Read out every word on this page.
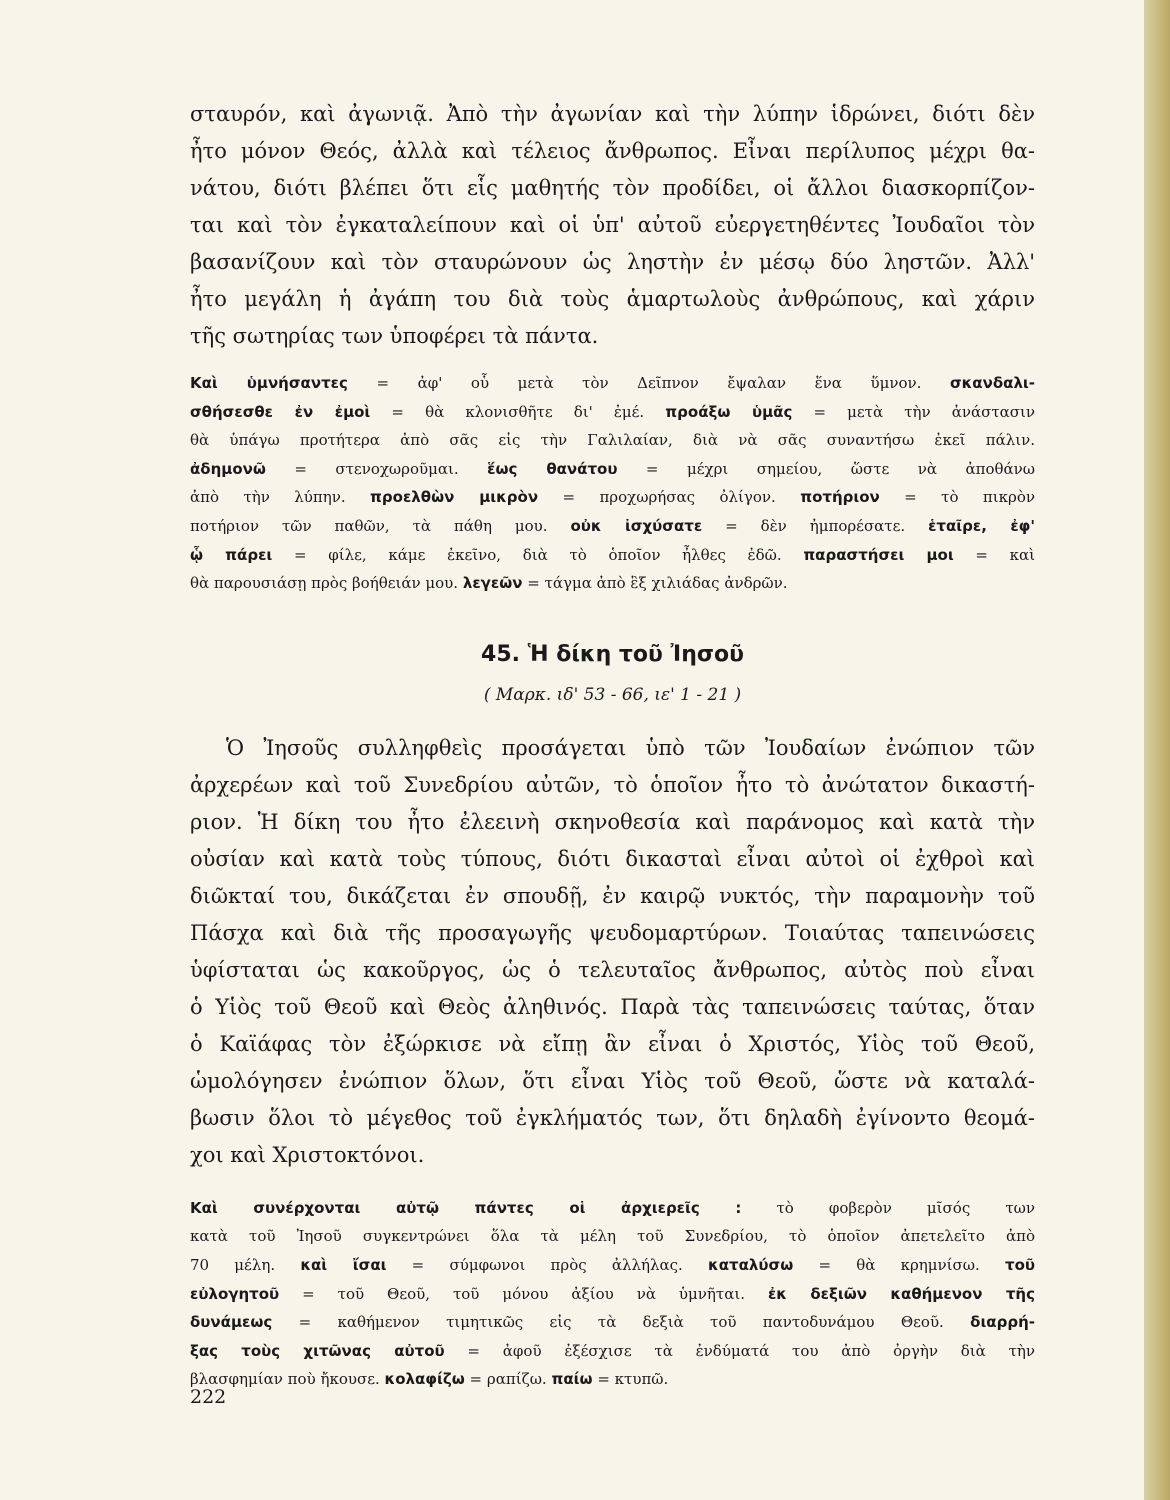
σταυρόν, καὶ ἀγωνιᾷ. Ἀπὸ τὴν ἀγωνίαν καὶ τὴν λύπην ἱδρώνει, διότι δὲν
ἦτο μόνον Θεός, ἀλλὰ καὶ τέλειος ἄνθρωπος. Εἶναι περίλυπος μέχρι θα-
νάτου, διότι βλέπει ὅτι εἷς μαθητής τὸν προδίδει, οἱ ἄλλοι διασκορπίζον-
ται καὶ τὸν ἐγκαταλείπουν καὶ οἱ ὑπ' αὐτοῦ εὐεργετηθέντες Ἰουδαῖοι τὸν
βασανίζουν καὶ τὸν σταυρώνουν ὡς ληστὴν ἐν μέσῳ δύο ληστῶν. Ἀλλ'
ἦτο μεγάλη ἡ ἀγάπη του διὰ τοὺς ἁμαρτωλοὺς ἀνθρώπους, καὶ χάριν
τῆς σωτηρίας των ὑποφέρει τὰ πάντα.
Καὶ ὑμνήσαντες = ἀφ' οὗ μετὰ τὸν Δεῖπνον ἔψαλαν ἕνα ὕμνον. σκανδαλι-
σθήσεσθε ἐν ἐμοὶ = θὰ κλονισθῆτε δι' ἐμέ. προάξω ὑμᾶς = μετὰ τὴν ἀνάστασιν
θὰ ὑπάγω προτήτερα ἀπὸ σᾶς εἰς τὴν Γαλιλαίαν, διὰ νὰ σᾶς συναντήσω ἐκεῖ πάλιν.
ἀδημονῶ = στενοχωροῦμαι. ἕως θανάτου = μέχρι σημείου, ὥστε νὰ ἀποθάνω
ἀπὸ τὴν λύπην. προελθὼν μικρὸν = προχωρήσας ὀλίγον. ποτήριον = τὸ πικρὸν
ποτήριον τῶν παθῶν, τὰ πάθη μου. οὐκ ἰσχύσατε = δὲν ἠμπορέσατε. ἑταῖρε, ἐφ'
ᾧ πάρει = φίλε, κάμε ἐκεῖνο, διὰ τὸ ὁποῖον ἦλθες ἐδῶ. παραστήσει μοι = καὶ
θὰ παρουσιάσῃ πρὸς βοήθειάν μου. λεγεῶν = τάγμα ἀπὸ ἓξ χιλιάδας ἀνδρῶν.
45. Ἡ δίκη τοῦ Ἰησοῦ
( Μαρκ. ιδ' 53 - 66, ιε' 1 - 21 )
Ὁ Ἰησοῦς συλληφθεὶς προσάγεται ὑπὸ τῶν Ἰουδαίων ἐνώπιον τῶν
ἀρχερέων καὶ τοῦ Συνεδρίου αὐτῶν, τὸ ὁποῖον ἦτο τὸ ἀνώτατον δικαστή-
ριον. Ἡ δίκη του ἦτο ἐλεεινὴ σκηνοθεσία καὶ παράνομος καὶ κατὰ τὴν
οὐσίαν καὶ κατὰ τοὺς τύπους, διότι δικασταὶ εἶναι αὐτοὶ οἱ ἐχθροὶ καὶ
διῶκταί του, δικάζεται ἐν σπουδῇ, ἐν καιρῷ νυκτός, τὴν παραμονὴν τοῦ
Πάσχα καὶ διὰ τῆς προσαγωγῆς ψευδομαρτύρων. Τοιαύτας ταπεινώσεις
ὑφίσταται ὡς κακοῦργος, ὡς ὁ τελευταῖος ἄνθρωπος, αὐτὸς ποὺ εἶναι
ὁ Υἱὸς τοῦ Θεοῦ καὶ Θεὸς ἀληθινός. Παρὰ τὰς ταπεινώσεις ταύτας, ὅταν
ὁ Καϊάφας τὸν ἐξώρκισε νὰ εἴπῃ ἂν εἶναι ὁ Χριστός, Υἱὸς τοῦ Θεοῦ,
ὡμολόγησεν ἐνώπιον ὅλων, ὅτι εἶναι Υἱὸς τοῦ Θεοῦ, ὥστε νὰ καταλά-
βωσιν ὅλοι τὸ μέγεθος τοῦ ἐγκλήματός των, ὅτι δηλαδὴ ἐγίνοντο θεομά-
χοι καὶ Χριστοκτόνοι.
Καὶ συνέρχονται αὐτῷ πάντες οἱ ἀρχιερεῖς : τὸ φοβερὸν μῖσός των
κατὰ τοῦ Ἰησοῦ συγκεντρώνει ὅλα τὰ μέλη τοῦ Συνεδρίου, τὸ ὁποῖον ἀπετελεῖτο ἀπὸ
70 μέλη. καὶ ἴσαι = σύμφωνοι πρὸς ἀλλήλας. καταλύσω = θὰ κρημνίσω. τοῦ
εὐλογητοῦ = τοῦ Θεοῦ, τοῦ μόνου ἀξίου νὰ ὑμνῆται. ἐκ δεξιῶν καθήμενον τῆς
δυνάμεως = καθήμενον τιμητικῶς εἰς τὰ δεξιὰ τοῦ παντοδυνάμου Θεοῦ. διαρρή-
ξας τοὺς χιτῶνας αὐτοῦ = ἀφοῦ ἐξέσχισε τὰ ἐνδύματά του ἀπὸ ὀργὴν διὰ τὴν
βλασφημίαν ποὺ ἤκουσε. κολαφίζω = ραπίζω. παίω = κτυπῶ.
222
